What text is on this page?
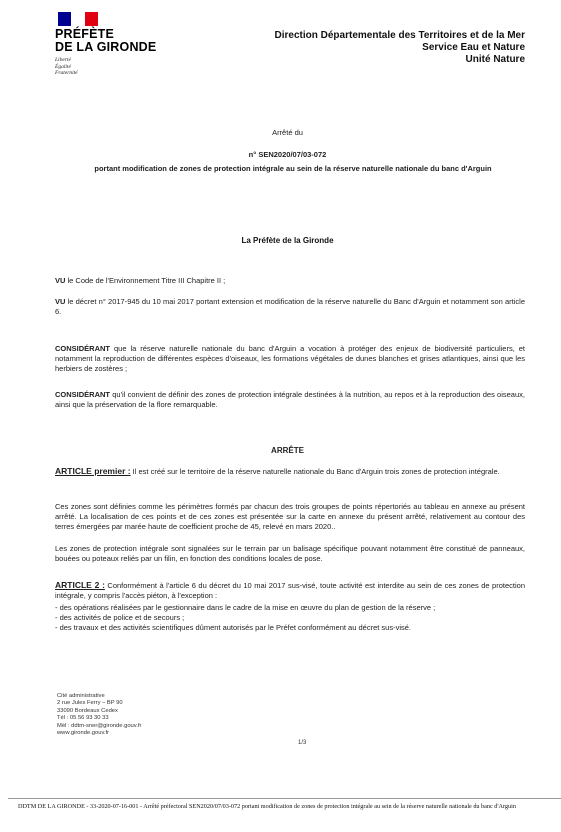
PRÉFÈTE
DE LA GIRONDE
Liberté
Égalité
Fraternité
Direction Départementale des Territoires et de la Mer
Service Eau et Nature
Unité Nature
Arrêté du
n° SEN2020/07/03-072
portant modification de zones de protection intégrale au sein de la réserve naturelle nationale du banc d'Arguin
La Préfète de la Gironde
VU le Code de l'Environnement Titre III Chapitre II ;
VU le décret n° 2017-945 du 10 mai 2017 portant extension et modification de la réserve naturelle du Banc d'Arguin et notamment son article 6.
CONSIDÉRANT que la réserve naturelle nationale du banc d'Arguin a vocation à protéger des enjeux de biodiversité particuliers, et notamment la reproduction de différentes espèces d'oiseaux, les formations végétales de dunes blanches et grises atlantiques, ainsi que les herbiers de zostères ;
CONSIDÉRANT qu'il convient de définir des zones de protection intégrale destinées à la nutrition, au repos et à la reproduction des oiseaux, ainsi que la préservation de la flore remarquable.
ARRÊTE
ARTICLE premier : Il est créé sur le territoire de la réserve naturelle nationale du Banc d'Arguin trois zones de protection intégrale.
Ces zones sont définies comme les périmètres formés par chacun des trois groupes de points répertoriés au tableau en annexe au présent arrêté. La localisation de ces points et de ces zones est présentée sur la carte en annexe du présent arrêté, relativement au contour des terres émergées par marée haute de coefficient proche de 45, relevé en mars 2020..
Les zones de protection intégrale sont signalées sur le terrain par un balisage spécifique pouvant notamment être constitué de panneaux, bouées ou poteaux reliés par un filin, en fonction des conditions locales de pose.
ARTICLE 2 : Conformément à l'article 6 du décret du 10 mai 2017 sus-visé, toute activité est interdite au sein de ces zones de protection intégrale, y compris l'accès piéton, à l'exception :
- des opérations réalisées par le gestionnaire dans le cadre de la mise en œuvre du plan de gestion de la réserve ;
- des activités de police et de secours ;
- des travaux et des activités scientifiques dûment autorisés par le Préfet conformément au décret sus-visé.
Cité administrative
2 rue Jules Ferry – BP 90
33090 Bordeaux Cedex
Tél : 05 56 93 30 33
Mél : ddtm-sner@gironde.gouv.fr
www.gironde.gouv.fr
1/3
DDTM DE LA GIRONDE - 33-2020-07-16-001 - Arrêté préfectoral SEN2020/07/03-072 portant modification de zones de protection intégrale au sein de la réserve naturelle nationale du banc d'Arguin
